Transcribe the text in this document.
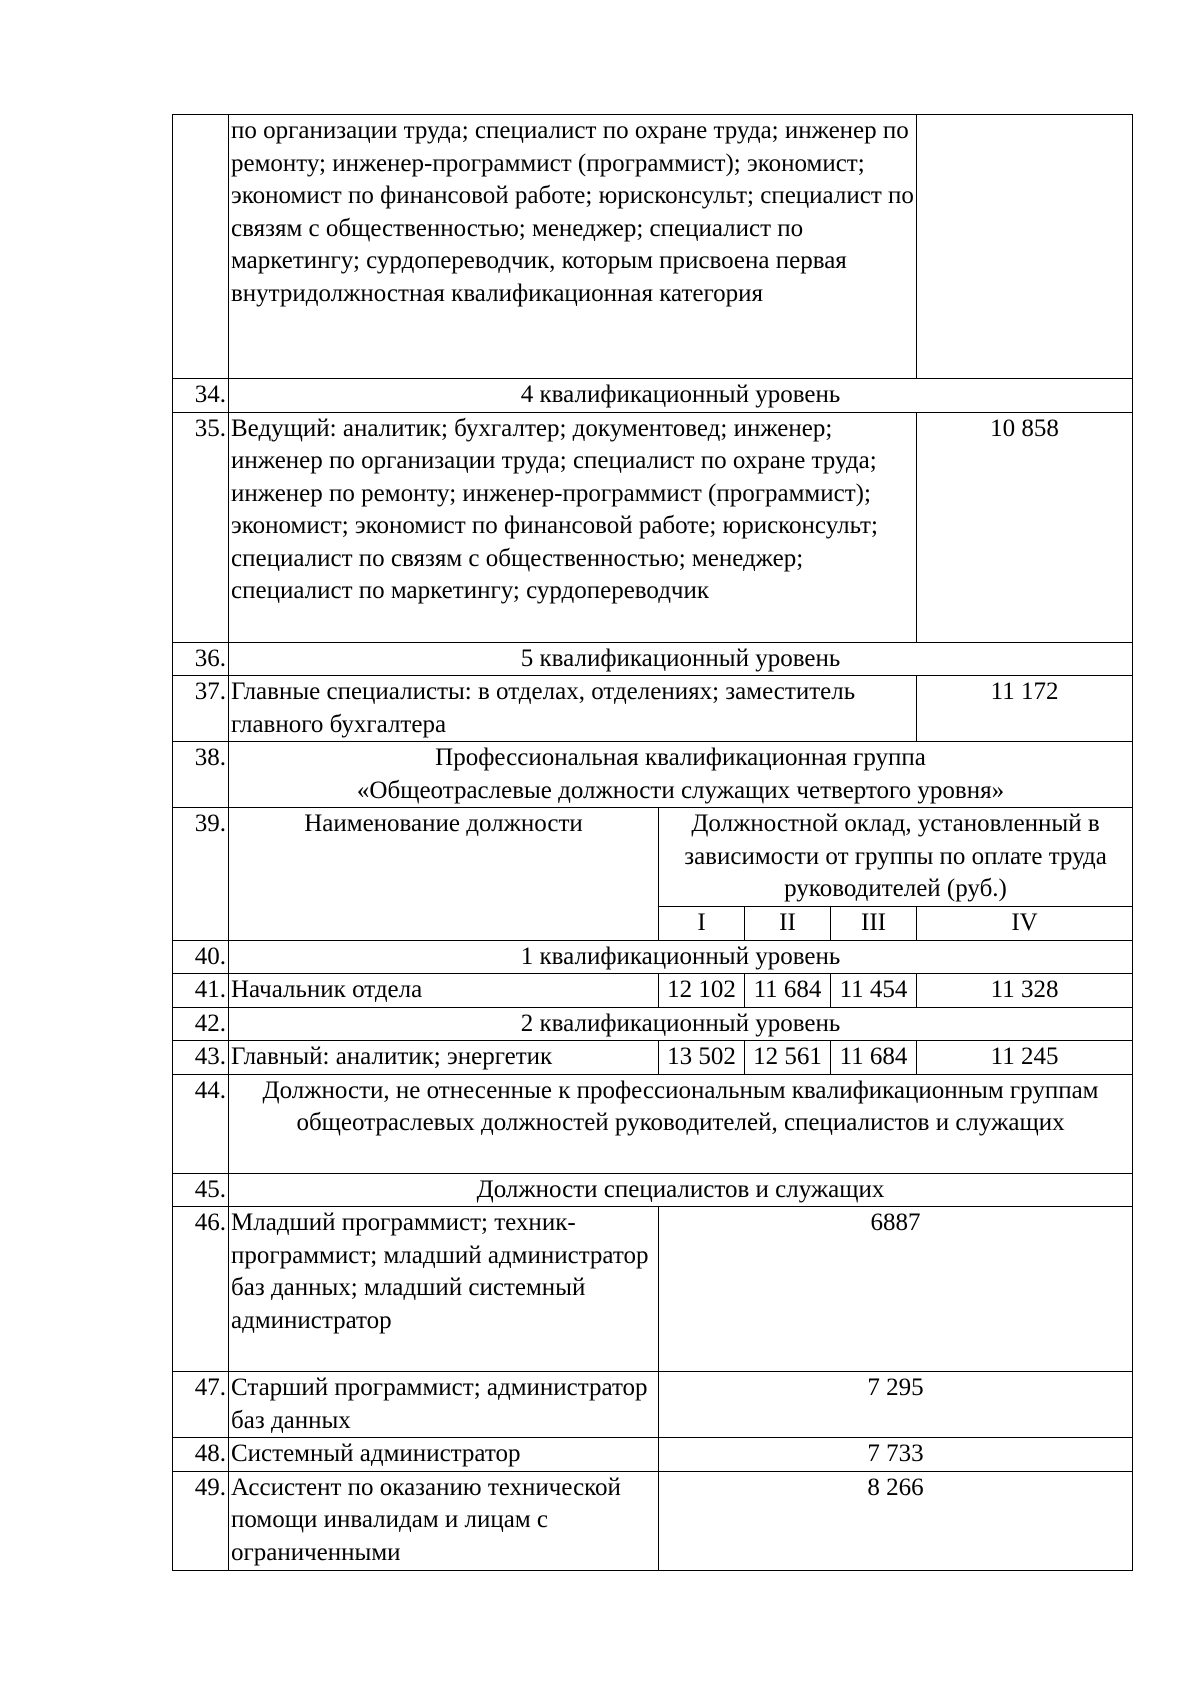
	по организации труда; специалист по охране труда; инженер по ремонту; инженер-программист (программист); экономист; экономист по финансовой работе; юрисконсульт; специалист по связям с общественностью; менеджер; специалист по маркетингу; сурдопереводчик, которым присвоена первая внутридолжностная квалификационная категория				
34.	4 квалификационный уровень				
35.	Ведущий: аналитик; бухгалтер; документовед; инженер; инженер по организации труда; специалист по охране труда; инженер по ремонту; инженер-программист (программист); экономист; экономист по финансовой работе; юрисконсульт; специалист по связям с общественностью; менеджер; специалист по маркетингу; сурдопереводчик				10 858
36.	5 квалификационный уровень				
37.	Главные специалисты: в отделах, отделениях; заместитель главного бухгалтера				11 172
38.	Профессиональная квалификационная группа
«Общеотраслевые должности служащих четвертого уровня»				

39.	Наименование должности	Должностной оклад, установленный в зависимости от группы по оплате труда руководителей (руб.)			
		I	II	III	IV
40.	1 квалификационный уровень				
41.	Начальник отдела	12 102	11 684	11 454	11 328
42.	2 квалификационный уровень				
43.	Главный: аналитик; энергетик	13 502	12 561	11 684	11 245
44.	Должности, не отнесенные к профессиональным квалификационным группам общеотраслевых должностей руководителей, специалистов и служащих				
45.	Должности специалистов и служащих				
46.	Младший программист; техник-программист; младший администратор баз данных; младший системный администратор	6887			
47.	Старший программист; администратор баз данных	7 295			
48.	Системный администратор	7 733			
49.	Ассистент по оказанию технической помощи инвалидам и лицам с ограниченными	8 266			
